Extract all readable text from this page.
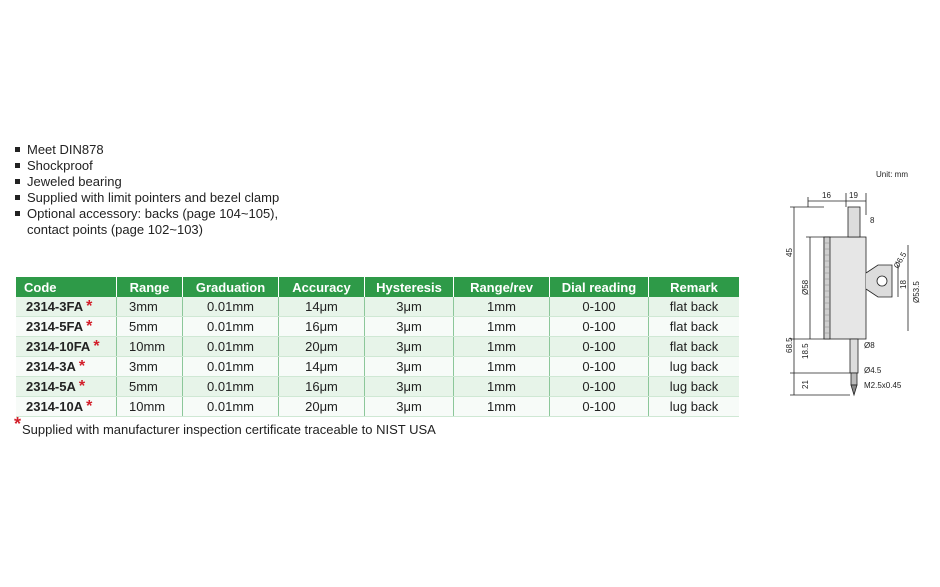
Meet DIN878
Shockproof
Jeweled bearing
Supplied with limit pointers and bezel clamp
Optional accessory: backs (page 104~105),
contact points (page 102~103)
Code	Range	Graduation	Accuracy	Hysteresis	Range/rev	Dial reading	Remark
2314-3FA *	3mm	0.01mm	14μm	3μm	1mm	0-100	flat back
2314-5FA *	5mm	0.01mm	16μm	3μm	1mm	0-100	flat back
2314-10FA *	10mm	0.01mm	20μm	3μm	1mm	0-100	flat back
2314-3A *	3mm	0.01mm	14μm	3μm	1mm	0-100	lug back
2314-5A *	5mm	0.01mm	16μm	3μm	1mm	0-100	lug back
2314-10A *	10mm	0.01mm	20μm	3μm	1mm	0-100	lug back
*Supplied with manufacturer inspection certificate traceable to NIST USA
Unit: mm
16 19
8
45
Ø58
Ø6.5
18 Ø53.5
68.5 18.5	Ø8
Ø4.5
21	M2.5x0.45
